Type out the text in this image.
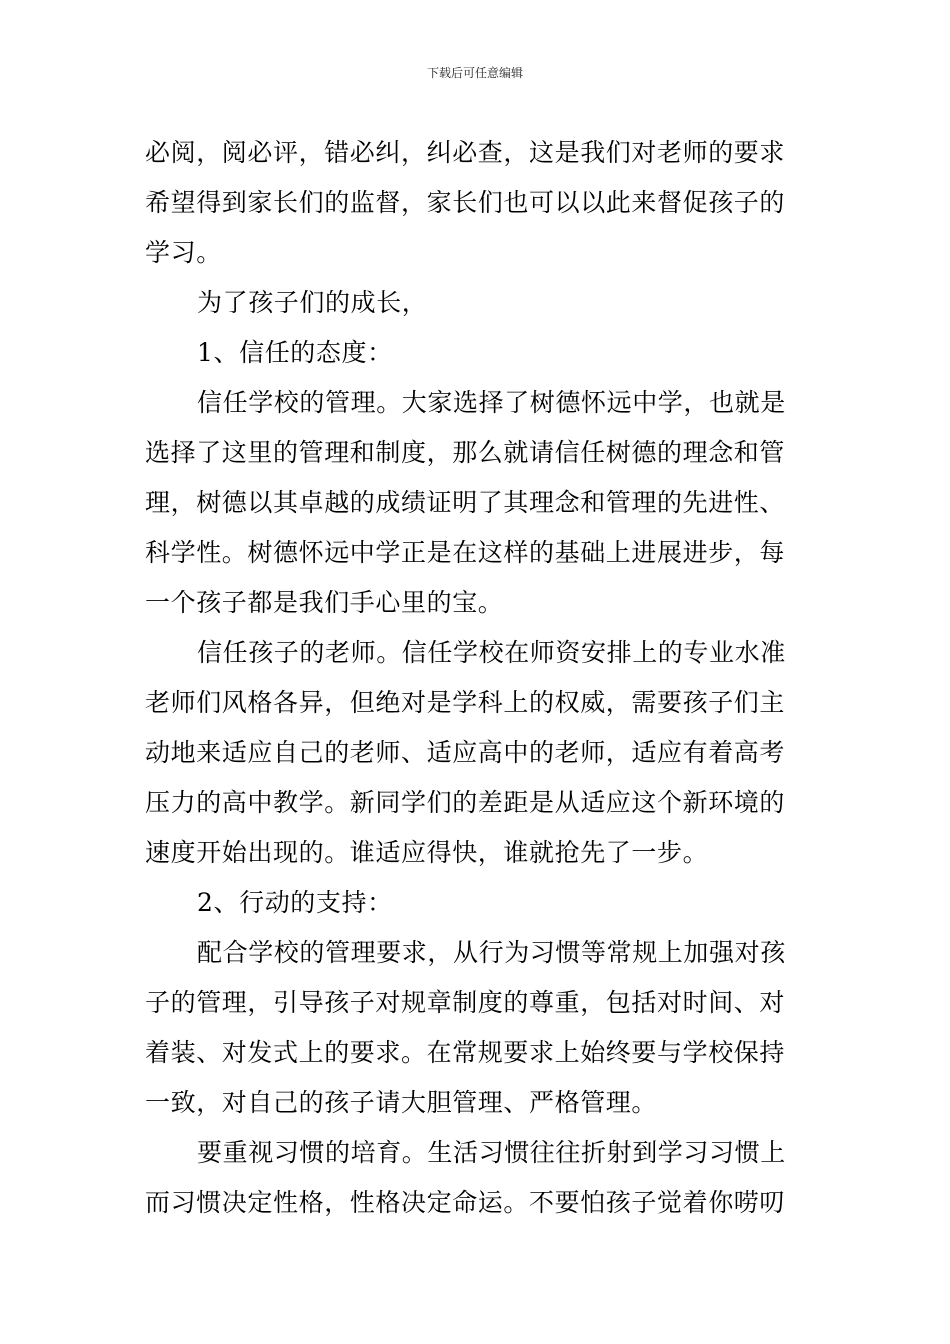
下载后可任意编辑
必阅，阅必评，错必纠，纠必查，这是我们对老师的要求
希望得到家长们的监督，家长们也可以以此来督促孩子的
学习。
为了孩子们的成长，
1、信任的态度：
信任学校的管理。大家选择了树德怀远中学，也就是
选择了这里的管理和制度，那么就请信任树德的理念和管
理，树德以其卓越的成绩证明了其理念和管理的先进性、
科学性。树德怀远中学正是在这样的基础上进展进步，每
一个孩子都是我们手心里的宝。
信任孩子的老师。信任学校在师资安排上的专业水准
老师们风格各异，但绝对是学科上的权威，需要孩子们主
动地来适应自己的老师、适应高中的老师，适应有着高考
压力的高中教学。新同学们的差距是从适应这个新环境的
速度开始出现的。谁适应得快，谁就抢先了一步。
2、行动的支持：
配合学校的管理要求，从行为习惯等常规上加强对孩
子的管理，引导孩子对规章制度的尊重，包括对时间、对
着装、对发式上的要求。在常规要求上始终要与学校保持
一致，对自己的孩子请大胆管理、严格管理。
要重视习惯的培育。生活习惯往往折射到学习习惯上
而习惯决定性格，性格决定命运。不要怕孩子觉着你唠叨
